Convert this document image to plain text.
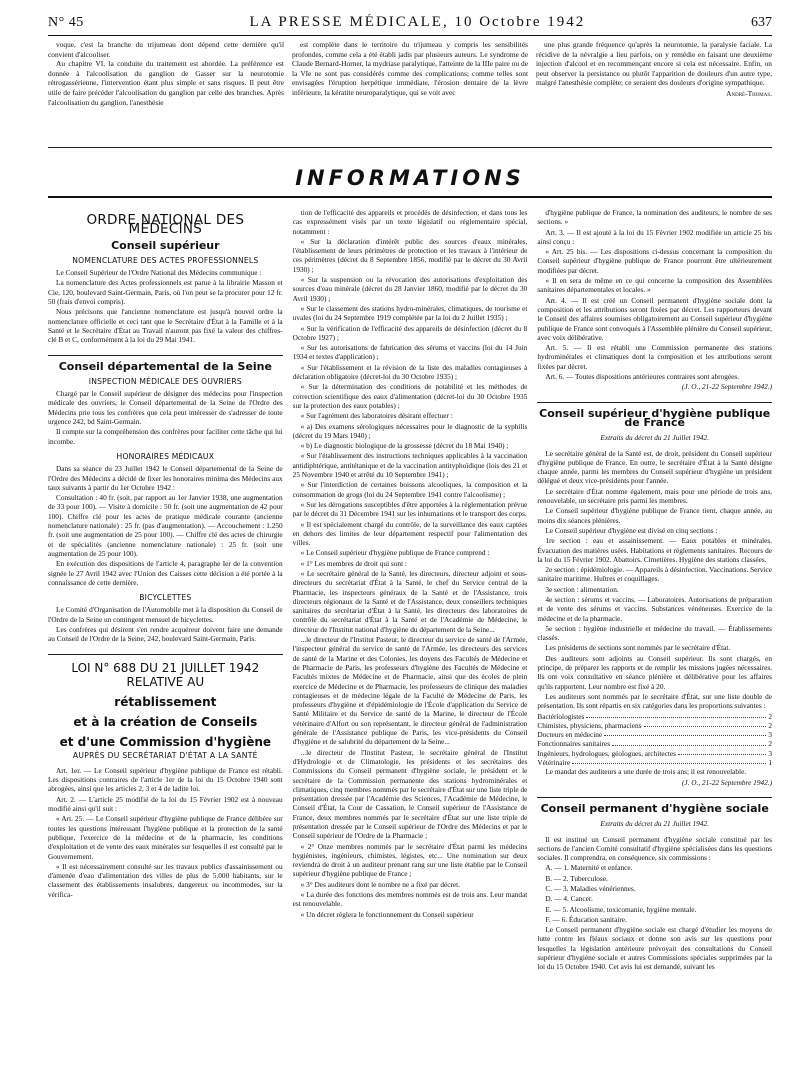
N° 45	LA PRESSE MÉDICALE, 10 Octobre 1942	637

voque, c'est la branche du trijumeau dont dépend cette dernière qu'il convient d'alcooliser.

Au chapitre VI, la conduite du traitement est abordée. La préférence est donnée à l'alcoolisation du ganglion de Gasser sur la neurotomie rétrogassérienne, l'intervention étant plus simple et sans risques. Il peut être utile de faire précéder l'alcoolisation du ganglion par celle des branches. Après l'alcoolisation du ganglion, l'anesthésie

est complète dans le territoire du trijumeau y compris les sensibilités profondes, comme cela a été établi jadis par plusieurs auteurs. Le syndrome de Claude Bernard-Horner, la mydriase paralytique, l'atteinte de la IIIe paire ou de la VIe ne sont pas considérés comme des complications; comme telles sont envisagées l'éruption herpétique immédiate, l'érosion dentaire de la lèvre inférieure, la kératite neuroparalytique, qui se voit avec

une plus grande fréquence qu'après la neurotomie, la paralysie faciale. La récidive de la névralgie a lieu parfois, on y remédie en faisant une deuxième injection d'alcool et en recommençant encore si cela est nécessaire. Enfin, on peut observer la persistance ou plutôt l'apparition de douleurs d'un autre type, malgré l'anesthésie complète; ce seraient des douleurs d'origine sympathique.

André-Thomas.
INFORMATIONS
ORDRE NATIONAL DES MÉDECINS
Conseil supérieur
NOMENCLATURE DES ACTES PROFESSIONNELS

Le Conseil Supérieur de l'Ordre National des Médecins communique :

La nomenclature des Actes professionnels est parue à la librairie Masson et Cie, 120, boulevard Saint-Germain, Paris, où l'on peut se la procurer pour 12 fr. 50 (frais d'envoi compris).

Nous précisons que l'ancienne nomenclature est jusqu'à nouvel ordre la nomenclature officielle et ceci tant que le Secrétaire d'État à la Famille et à la Santé et le Secrétaire d'État au Travail n'auront pas fixé la valeur des chiffres-clé B et C, conformément à la loi du 29 Mai 1941.

Conseil départemental de la Seine
INSPECTION MÉDICALE DES OUVRIERS

Chargé par le Conseil supérieur de désigner des médecins pour l'inspection médicale des ouvriers, le Conseil départemental de la Seine de l'Ordre des Médecins prie tous les confrères que cela peut intéresser de s'adresser de toute urgence 242, bd Saint-Germain.

Il compte sur la compréhension des confrères pour faciliter cette tâche qui lui incombe.

HONORAIRES MÉDICAUX

Dans sa séance du 23 Juillet 1942 le Conseil départemental de la Seine de l'Ordre des Médecins a décidé de fixer les honoraires minima des Médecins aux taux suivants à partir du 1er Octobre 1942 :

Consultation : 40 fr. (soit, par rapport au 1er Janvier 1938, une augmentation de 33 pour 100). — Visite à domicile : 50 fr. (soit une augmentation de 42 pour 100). Chiffre clé pour les actes de pratique médicale courante (ancienne nomenclature nationale) : 25 fr. (pas d'augmentation). — Accouchement : 1.250 fr. (soit une augmentation de 25 pour 100). — Chiffre clé des actes de chirurgie et de spécialités (ancienne nomenclature nationale) : 25 fr. (soit une augmentation de 25 pour 100).

En exécution des dispositions de l'article 4, paragraphe Ier de la convention signée le 27 Avril 1942 avec l'Union des Caisses cette décision a été portée à la connaissance de cette dernière.

BICYCLETTES

Le Comité d'Organisation de l'Automobile met à la disposition du Conseil de l'Ordre de la Seine un contingent mensuel de bicyclettes.

Les confrères qui désirent s'en rendre acquéreur doivent faire une demande au Conseil de l'Ordre de la Seine, 242, boulevard Saint-Germain, Paris.

LOI N° 688 DU 21 JUILLET 1942 RELATIVE AU
rétablissement
et à la création de Conseils
et d'une Commission d'hygiène
AUPRÈS DU SECRÉTARIAT D'ÉTAT A LA SANTÉ

Art. 1er. — Le Conseil supérieur d'hygiène publique de France est rétabli. Les dispositions contraires de l'article 1er de la loi du 15 Octobre 1940 sont abrogées, ainsi que les articles 2, 3 et 4 de ladite loi.

Art. 2. — L'article 25 modifié de la loi du 15 Février 1902 est à nouveau modifié ainsi qu'il suit :

« Art. 25. — Le Conseil supérieur d'hygiène publique de France délibère sur toutes les questions intéressant l'hygiène publique et la protection de la santé publique, l'exercice de la médecine et de la pharmacie, les conditions d'exploitation et de vente des eaux minérales sur lesquelles il est consulté par le Gouvernement.

« Il est nécessairement consulté sur les travaux publics d'assainissement ou d'amenée d'eau d'alimentation des villes de plus de 5.000 habitants, sur le classement des établissements insalubres, dangereux ou incommodes, sur la vérifica-

tion de l'efficacité des appareils et procédés de désinfection, et dans tous les cas expressément visés par un texte législatif ou réglementaire spécial, notamment :

« Sur la déclaration d'intérêt public des sources d'eaux minérales, l'établissement de leurs périmètres de protection et les travaux à l'intérieur de ces périmètres (décret du 8 Septembre 1856, modifié par le décret du 30 Avril 1930) ;

« Sur la suspension ou la révocation des autorisations d'exploitation des sources d'eau minérale (décret du 28 Janvier 1860, modifié par le décret du 30 Avril 1930) ;

« Sur le classement des stations hydro-minérales, climatiques, de tourisme et uvales (loi du 24 Septembre 1919 complétée par la loi du 2 Juillet 1935) ;

« Sur la vérification de l'efficacité des appareils de désinfection (décret du 8 Octobre 1927) ;

« Sur les autorisations de fabrication des sérums et vaccins (loi du 14 Juin 1934 et textes d'application) ;

« Sur l'établissement et la révision de la liste des maladies contagieuses à déclaration obligatoire (décret-loi du 30 Octobre 1935) ;

« Sur la détermination des conditions de potabilité et les méthodes de correction scientifique des eaux d'alimentation (décret-loi du 30 Octobre 1935 sur la protection des eaux potables) ;

« Sur l'agrément des laboratoires désirant effectuer :

« a) Des examens sérologiques nécessaires pour le diagnostic de la syphilis (décret du 19 Mars 1940) ;

« b) Le diagnostic biologique de la grossesse (décret du 18 Mai 1940) ;

« Sur l'établissement des instructions techniques applicables à la vaccination antidiphtérique, antitétanique et de la vaccination antityphoïdique (lois des 21 et 25 Novembre 1940 et arrêté du 10 Septembre 1941) ;

« Sur l'interdiction de certaines boissons alcooliques, la composition et la consommation de grogs (loi du 24 Septembre 1941 contre l'alcoolisme) ;

« Sur les dérogations susceptibles d'être apportées à la réglementation prévue par le décret du 31 Décembre 1941 sur les inhumations et le transport des corps.

« Il est spécialement chargé du contrôle, de la surveillance des eaux captées en dehors des limites de leur département respectif pour l'alimentation des villes.

« Le Conseil supérieur d'hygiène publique de France comprend :

« 1° Les membres de droit qui sont :

« Le secrétaire général de la Santé, les directeurs, directeur adjoint et sous-directeurs du secrétariat d'État à la Santé, le chef du Service central de la Pharmacie, les inspecteurs généraux de la Santé et de l'Assistance, trois directeurs régionaux de la Santé et de l'Assistance, deux conseillers techniques sanitaires du secrétariat d'État à la Santé, les directeurs des laboratoires de contrôle du secrétariat d'État à la Santé et de l'Académie de Médecine, le directeur de l'Institut national d'hygiène du département de la Seine...

...le directeur de l'Institut Pasteur, le directeur du service de santé de l'Armée, l'inspecteur général du service de santé de l'Armée, les directeurs des services de santé de la Marine et des Colonies, les doyens des Facultés de Médecine et de Pharmacie de Paris, les professeurs d'hygiène des Facultés de Médecine et Facultés mixtes de Médecine et de Pharmacie, ainsi que des écoles de plein exercice de Médecine et de Pharmacie, les professeurs de clinique des maladies contagieuses et de médecine légale de la Faculté de Médecine de Paris, les professeurs d'hygiène et d'épidémiologie de l'École d'application du Service de Santé Militaire et du Service de santé de la Marine, le directeur de l'École vétérinaire d'Alfort ou son représentant, le directeur général de l'administration générale de l'Assistance publique de Paris, les vice-présidents du Conseil d'hygiène et de salubrité du département de la Seine...

...le directeur de l'Institut Pasteur, le secrétaire général de l'Institut d'Hydrologie et de Climatologie, les présidents et les secrétaires des Commissions du Conseil permanent d'hygiène sociale, le président et le secrétaire de la Commission permanente des stations hydrominérales et climatiques, cinq membres nommés par le secrétaire d'État sur une liste triple de présentation dressée par l'Académie des Sciences, l'Académie de Médecine, le Conseil d'État, la Cour de Cassation, le Conseil supérieur de l'Assistance de France, deux membres nommés par le secrétaire d'État sur une liste triple de présentation dressée par le Conseil supérieur de l'Ordre des Médecins et par le Conseil supérieur de l'Ordre de la Pharmacie ;

« 2° Onze membres nommés par le secrétaire d'État parmi les médecins hygiénistes, ingénieurs, chimistes, légistes, etc... Une nomination sur deux reviendra de droit à un auditeur prenant rang sur une liste établie par le Conseil supérieur d'hygiène publique de France ;

« 3° Des auditeurs dont le nombre ne a fixé par décret.

« La durée des fonctions des membres nommés est de trois ans. Leur mandat est renouvelable.

« Un décret règlera le fonctionnement du Conseil supérieur

d'hygiène publique de France, la nomination des auditeurs, le nombre de ses sections. »

Art. 3. — Il est ajouté à la loi du 15 Février 1902 modifiée un article 25 bis ainsi conçu :

« Art. 25 bis. — Les dispositions ci-dessus concernant la composition du Conseil supérieur d'hygiène publique de France pourront être ultérieurement modifiées par décret.

« Il en sera de même en ce qui concerne la composition des Assemblées sanitaires départementales et locales. »

Art. 4. — Il est créé un Conseil permanent d'hygiène sociale dont la composition et les attributions seront fixées par décret. Les rapporteurs devant le Conseil des affaires soumises obligatoirement au Conseil supérieur d'hygiène publique de France sont convoqués à l'Assemblée plénière du Conseil supérieur, avec voix délibérative.

Art. 5. — Il est rétabli une Commission permanente des stations hydrominérales et climatiques dont la composition et les attributions seront fixées par décret.

Art. 6. — Toutes dispositions antérieures contraires sont abrogées.

(J. O., 21-22 Septembre 1942.)
Conseil supérieur d'hygiène publique de France
Extraits du décret du 21 Juillet 1942.

Le secrétaire général de la Santé est, de droit, président du Conseil supérieur d'hygiène publique de France. En outre, le secrétaire d'État à la Santé désigne chaque année, parmi les membres du Conseil supérieur d'hygiène un président délégué et deux vice-présidents pour l'année.

Le secrétaire d'État nomme également, mais pour une période de trois ans, renouvelable, un secrétaire pris parmi les membres.

Le Conseil supérieur d'hygiène publique de France tient, chaque année, au moins dix séances plénières.

Le Conseil supérieur d'hygiène est divisé en cinq sections :

1re section : eau et assainissement. — Eaux potables et minérales. Évacuation des matières usées. Habitations et règlements sanitaires. Recours de la loi du 15 Février 1902. Abattoirs. Cimetières. Hygiène des stations classées.

2e section : épidémiologie. — Appareils à désinfection. Vaccinations. Service sanitaire maritime. Huîtres et coquillages.

3e section : alimentation.

4e section : sérums et vaccins. — Laboratoires. Autorisations de préparation et de vente des sérums et vaccins. Substances vénéneuses. Exercice de la médecine et de la pharmacie.

5e section : hygiène industrielle et médecine du travail. — Établissements classés.

Les présidents de sections sont nommés par le secrétaire d'État.

Des auditeurs sont adjoints au Conseil supérieur. Ils sont chargés, en principe, de préparer les rapports et de remplir les missions jugées nécessaires. Ils ont voix consultative en séance plénière et délibérative pour les affaires qu'ils rapportent. Leur nombre est fixé à 20.

Les auditeurs sont nommés par le secrétaire d'État, sur une liste double de présentation. Ils sont répartis en six catégories dans les proportions suivantes :

Bactériologistes	2
Chimistes, physiciens, pharmaciens	2
Docteurs en médecine	3
Fonctionnaires sanitaires	2
Ingénieurs, hydrologues, géologues, architectes	3
Vétérinaire	1

Le mandat des auditeurs a une durée de trois ans; il est renouvelable.

(J. O., 21-22 Septembre 1942.)
Conseil permanent d'hygiène sociale
Extraits du décret du 21 Juillet 1942.

Il est institué un Conseil permanent d'hygiène sociale constitué par les sections de l'ancien Comité consultatif d'hygiène spécialisées dans les questions sociales. Il comprendra, en conséquence, six commissions :

A. — 1. Maternité et enfance.

B. — 2. Tuberculose.

C. — 3. Maladies vénériennes.

D. — 4. Cancer.

E. — 5. Alcoolisme, toxicomanie, hygiène mentale.

F. — 6. Éducation sanitaire.

Le Conseil permanent d'hygiène sociale est chargé d'étudier les moyens de lutte contre les fléaux sociaux et donne son avis sur les questions pour lesquelles la législation antérieure prévoyait des consultations du Conseil supérieur d'hygiène sociale et autres Commissions spéciales supprimées par la loi du 15 Octobre 1940. Cet avis lui est demandé, suivant les
